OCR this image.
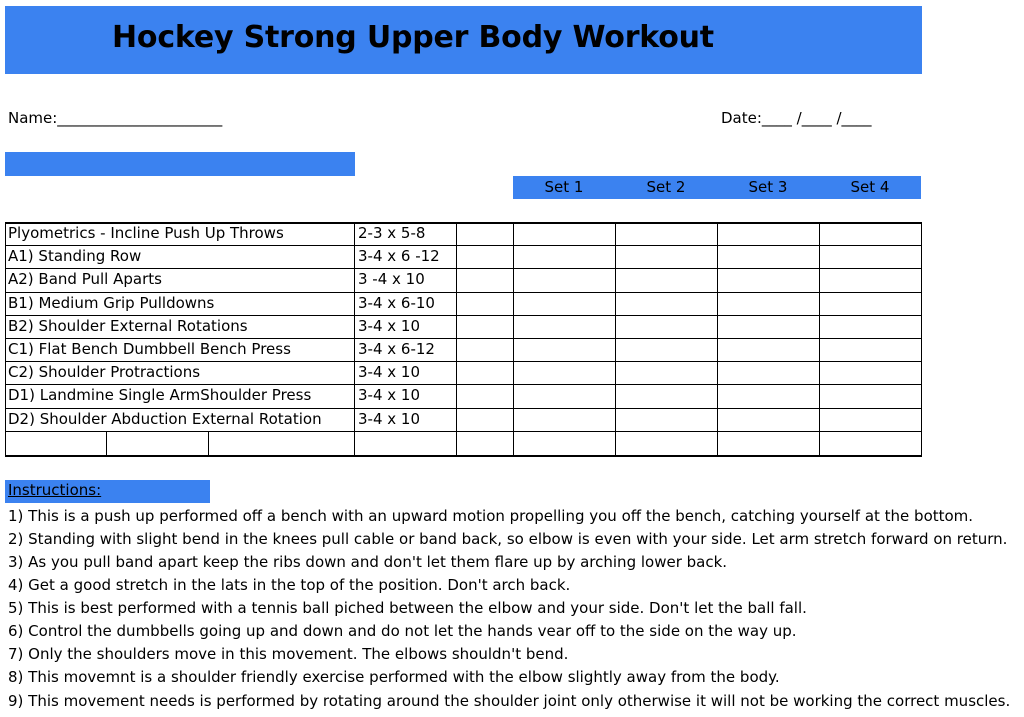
Hockey Strong Upper Body Workout
Name:______________________	Date:____ /____ /____
Set 1	Set 2	Set 3	Set 4
Plyometrics - Incline Push Up Throws	2-3 x 5-8
A1) Standing Row	3-4 x 6 -12
A2) Band Pull Aparts	3 -4 x 10
B1) Medium Grip Pulldowns	3-4 x 6-10
B2) Shoulder External Rotations	3-4 x 10
C1) Flat Bench Dumbbell Bench Press	3-4 x 6-12
C2) Shoulder Protractions	3-4 x 10
D1) Landmine Single ArmShoulder Press	3-4 x 10
D2) Shoulder Abduction External Rotation 3-4 x 10
Instructions:
1) This is a push up performed off a bench with an upward motion propelling you off the bench, catching yourself at the bottom.
2) Standing with slight bend in the knees pull cable or band back, so elbow is even with your side. Let arm stretch forward on return.
3) As you pull band apart keep the ribs down and don't let them flare up by arching lower back.
4) Get a good stretch in the lats in the top of the position. Don't arch back.
5) This is best performed with a tennis ball piched between the elbow and your side. Don't let the ball fall.
6) Control the dumbbells going up and down and do not let the hands vear off to the side on the way up.
7) Only the shoulders move in this movement. The elbows shouldn't bend.
8) This movemnt is a shoulder friendly exercise performed with the elbow slightly away from the body.
9) This movement needs is performed by rotating around the shoulder joint only otherwise it will not be working the correct muscles.
